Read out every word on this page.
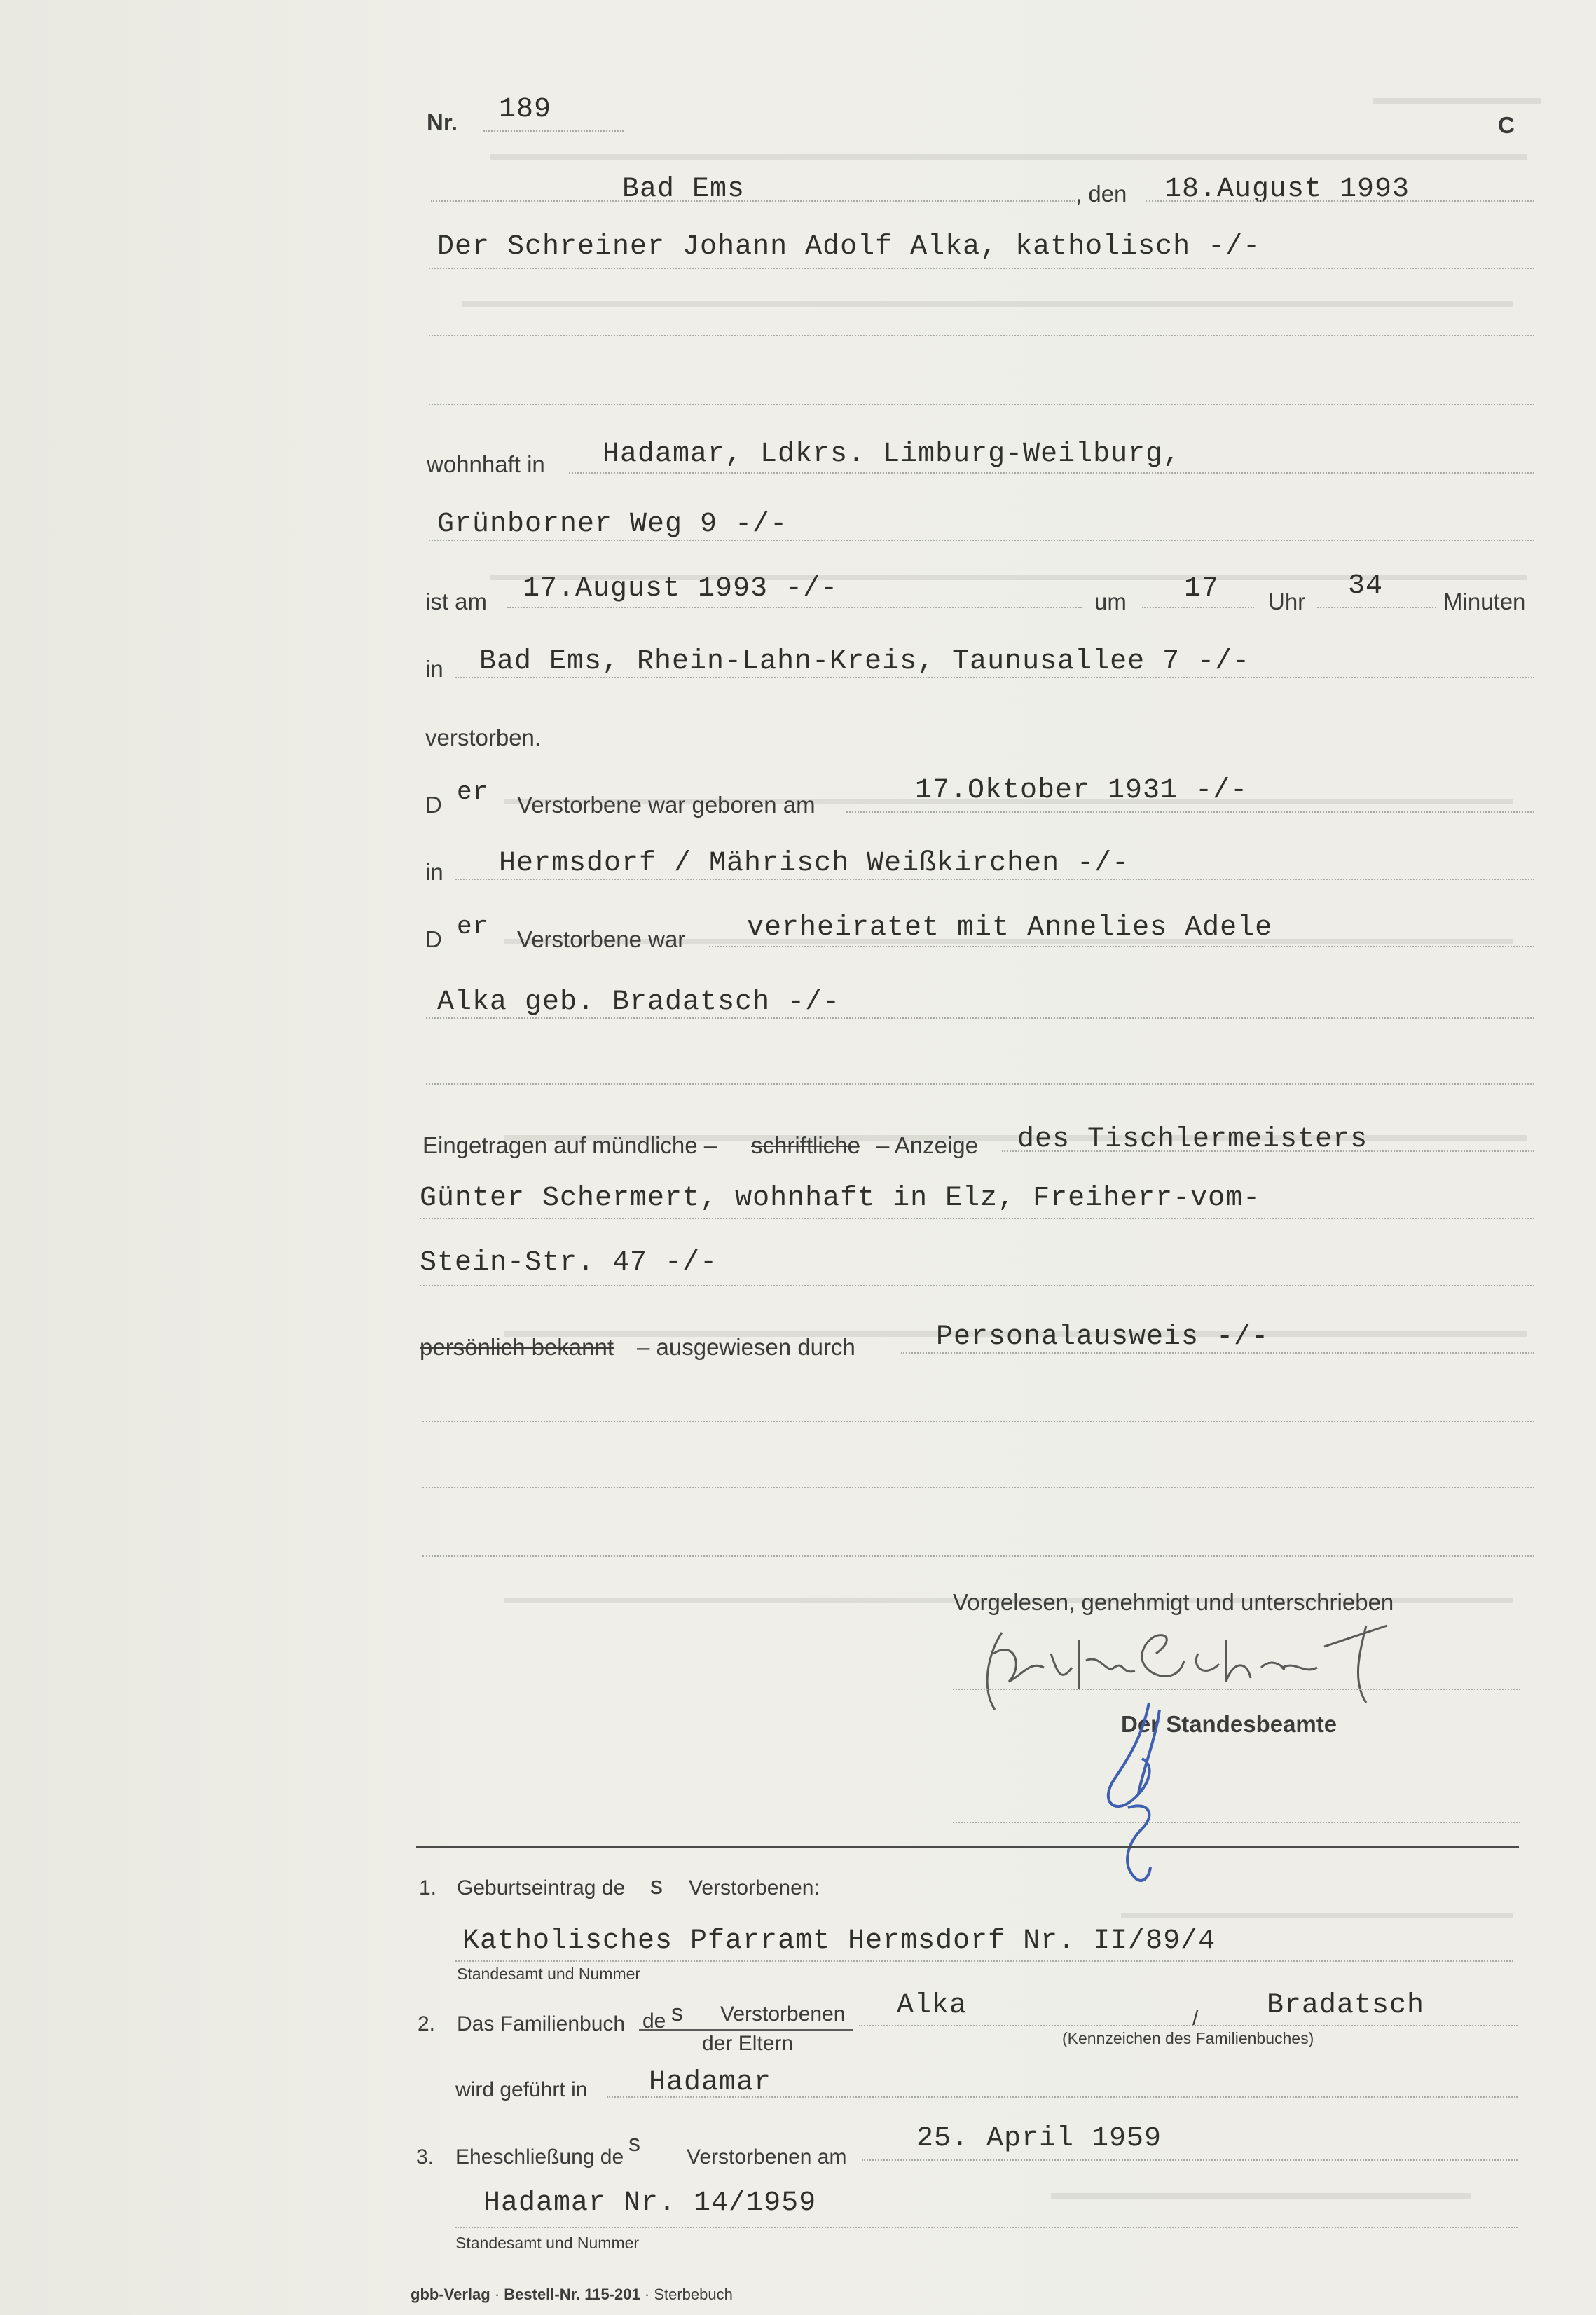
Nr. 189	C
Bad Ems	, den 18.August 1993
Der Schreiner Johann Adolf Alka, katholisch -/-
wohnhaft in Hadamar, Ldkrs. Limburg-Weilburg,
Grünborner Weg 9 -/-
ist am 17.August 1993 -/-	um 17 Uhr 34	Minuten
in Bad Ems, Rhein-Lahn-Kreis, Taunusallee 7 -/-
verstorben.
D er Verstorbene war geboren am	17.Oktober 1931 -/-
in Hermsdorf / Mährisch Weißkirchen -/-
D er Verstorbene war verheiratet mit Annelies Adele
Alka geb. Bradatsch -/-
Eingetragen auf mündliche – schriftliche – Anzeige des Tischlermeisters
Günter Schermert, wohnhaft in Elz, Freiherr-vom-
Stein-Str. 47 -/-
persönlich bekannt – ausgewiesen durch	Personalausweis -/-
Vorgelesen, genehmigt und unterschrieben
Der Standesbeamte
1. Geburtseintrag de s Verstorbenen:
Katholisches Pfarramt Hermsdorf Nr. II/89/4
Standesamt und Nummer
2. Das Familienbuch de s Verstorbenen
der Eltern
Alka	/ Bradatsch
(Kennzeichen des Familienbuches)
wird geführt in Hadamar
3. Eheschließung de
s
Verstorbenen am
25. April 1959
Hadamar Nr. 14/1959
Standesamt und Nummer
gbb-Verlag · Bestell-Nr. 115-201 · Sterbebuch
